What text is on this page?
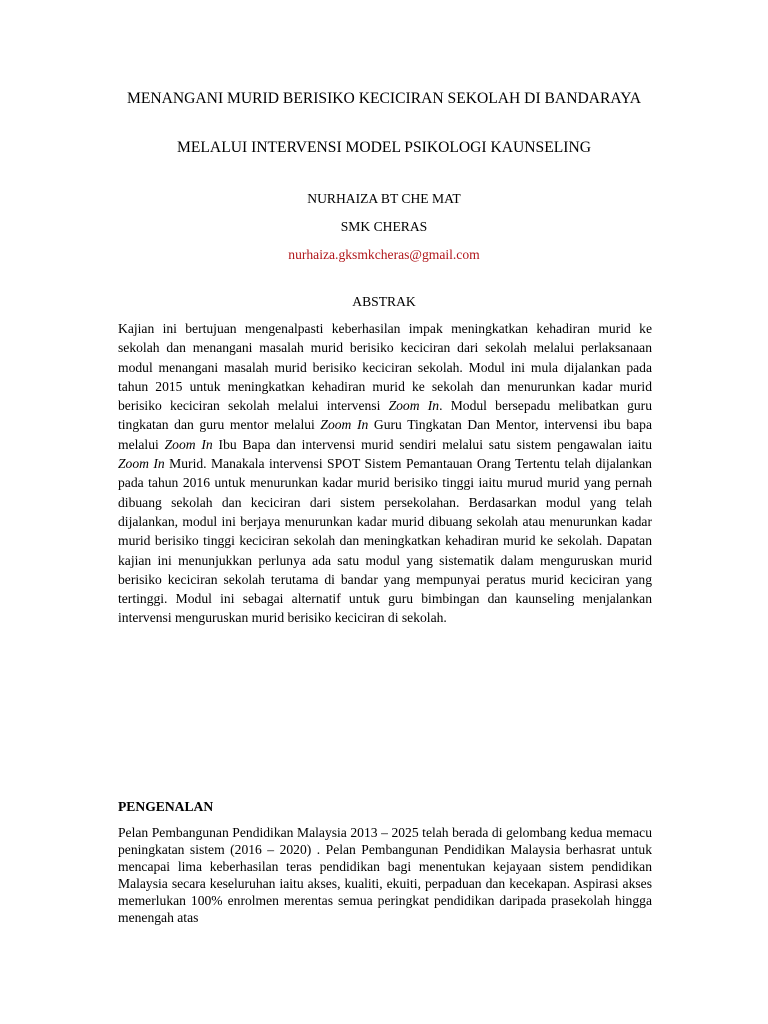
MENANGANI MURID BERISIKO KECICIRAN SEKOLAH DI BANDARAYA
MELALUI INTERVENSI MODEL PSIKOLOGI KAUNSELING
NURHAIZA BT CHE MAT
SMK CHERAS
nurhaiza.gksmkcheras@gmail.com
ABSTRAK

Kajian ini bertujuan mengenalpasti keberhasilan impak meningkatkan kehadiran murid ke sekolah dan menangani masalah murid berisiko keciciran dari sekolah melalui perlaksanaan modul menangani masalah murid berisiko keciciran sekolah. Modul ini mula dijalankan pada tahun 2015 untuk meningkatkan kehadiran murid ke sekolah dan menurunkan kadar murid berisiko keciciran sekolah melalui intervensi Zoom In. Modul bersepadu melibatkan guru tingkatan dan guru mentor melalui Zoom In Guru Tingkatan Dan Mentor, intervensi ibu bapa melalui Zoom In Ibu Bapa dan intervensi murid sendiri melalui satu sistem pengawalan iaitu Zoom In Murid. Manakala intervensi SPOT Sistem Pemantauan Orang Tertentu telah dijalankan pada tahun 2016 untuk menurunkan kadar murid berisiko tinggi iaitu murud murid yang pernah dibuang sekolah dan keciciran dari sistem persekolahan. Berdasarkan modul yang telah dijalankan, modul ini berjaya menurunkan kadar murid dibuang sekolah atau menurunkan kadar murid berisiko tinggi keciciran sekolah dan meningkatkan kehadiran murid ke sekolah. Dapatan kajian ini menunjukkan perlunya ada satu modul yang sistematik dalam menguruskan murid berisiko keciciran sekolah terutama di bandar yang mempunyai peratus murid keciciran yang tertinggi. Modul ini sebagai alternatif untuk guru bimbingan dan kaunseling menjalankan intervensi menguruskan murid berisiko keciciran di sekolah.

PENGENALAN

Pelan Pembangunan Pendidikan Malaysia 2013 – 2025 telah berada di gelombang kedua memacu peningkatan sistem (2016 – 2020) . Pelan Pembangunan Pendidikan Malaysia berhasrat untuk mencapai lima keberhasilan teras pendidikan bagi menentukan kejayaan sistem pendidikan Malaysia secara keseluruhan iaitu akses, kualiti, ekuiti, perpaduan dan kecekapan. Aspirasi akses memerlukan 100% enrolmen merentas semua peringkat pendidikan daripada prasekolah hingga menengah atas
